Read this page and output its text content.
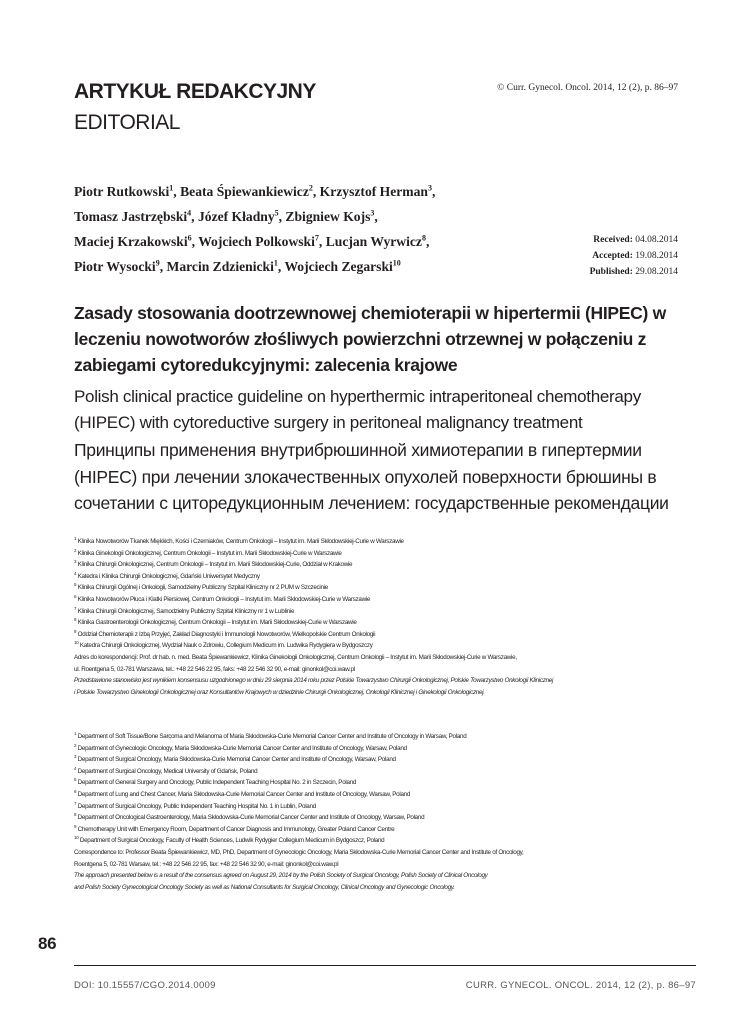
ARTYKUŁ REDAKCYJNY
EDITORIAL
© Curr. Gynecol. Oncol. 2014, 12 (2), p. 86–97
Piotr Rutkowski$^1$, Beata Śpiewankiewicz$^2$, Krzysztof Herman$^3$,
Tomasz Jastrzębski$^4$, Józef Kładny$^5$, Zbigniew Kojs$^3$,
Maciej Krzakowski$^6$, Wojciech Polkowski$^7$, Lucjan Wyrwicz$^8$,
Piotr Wysocki$^9$, Marcin Zdzienicki$^1$, Wojciech Zegarski$^{10}$
Received: 04.08.2014
Accepted: 19.08.2014
Published: 29.08.2014
Zasady stosowania dootrzewnowej chemioterapii w hipertermii (HIPEC) w leczeniu nowotworów złośliwych powierzchni otrzewnej w połączeniu z zabiegami cytoredukcyjnymi: zalecenia krajowe
Polish clinical practice guideline on hyperthermic intraperitoneal chemotherapy (HIPEC) with cytoreductive surgery in peritoneal malignancy treatment
Принципы применения внутрибрюшинной химиотерапии в гипертермии (HIPEC) при лечении злокачественных опухолей поверхности брюшины в сочетании с циторедукционным лечением: государственные рекомендации
$^1$ Klinika Nowotworów Tkanek Miękkich, Kości i Czerniaków, Centrum Onkologii – Instytut im. Marii Skłodowskiej-Curie w Warszawie
$^2$ Klinika Ginekologii Onkologicznej, Centrum Onkologii – Instytut im. Marii Skłodowskiej-Curie w Warszawie
$^3$ Klinika Chirurgii Onkologicznej, Centrum Onkologii – Instytut im. Marii Skłodowskiej-Curie, Oddział w Krakowie
$^4$ Katedra i Klinika Chirurgii Onkologicznej, Gdański Uniwersytet Medyczny
$^5$ Klinika Chirurgii Ogólnej i Onkologii, Samodzielny Publiczny Szpital Kliniczny nr 2 PUM w Szczecinie
$^6$ Klinika Nowotworów Płuca i Klatki Piersiowej, Centrum Onkologii – Instytut im. Marii Skłodowskiej-Curie w Warszawie
$^7$ Klinika Chirurgii Onkologicznej, Samodzielny Publiczny Szpital Kliniczny nr 1 w Lublinie
$^8$ Klinika Gastroenterologii Onkologicznej, Centrum Onkologii – Instytut im. Marii Skłodowskiej-Curie w Warszawie
$^9$ Oddział Chemioterapii z Izbą Przyjęć, Zakład Diagnostyki i Immunologii Nowotworów, Wielkopolskie Centrum Onkologii
$^{10}$ Katedra Chirurgii Onkologicznej, Wydział Nauk o Zdrowiu, Collegium Medicum im. Ludwika Rydygiera w Bydgoszczy
Adres do korespondencji: Prof. dr hab. n. med. Beata Śpiewankiewicz, Klinika Ginekologii Onkologicznej, Centrum Onkologii – Instytut im. Marii Skłodowskiej-Curie w Warszawie,
ul. Roentgena 5, 02-781 Warszawa, tel.: +48 22 546 22 95, faks: +48 22 546 32 90, e-mail: ginonkol@coi.waw.pl
Przedstawione stanowisko jest wynikiem konsensusu uzgodnionego w dniu 29 sierpnia 2014 roku przez Polskie Towarzystwo Chirurgii Onkologicznej, Polskie Towarzystwo Onkologii Klinicznej
i Polskie Towarzystwo Ginekologii Onkologicznej oraz Konsultantów Krajowych w dziedzinie Chirurgii Onkologicznej, Onkologii Klinicznej i Ginekologii Onkologicznej.
$^1$ Department of Soft Tissue/Bone Sarcoma and Melanoma of Maria Skłodowska-Curie Memorial Cancer Center and Institute of Oncology in Warsaw, Poland
$^2$ Department of Gynecologic Oncology, Maria Skłodowska-Curie Memorial Cancer Center and Institute of Oncology, Warsaw, Poland
$^3$ Department of Surgical Oncology, Maria Skłodowska-Curie Memorial Cancer Center and Institute of Oncology, Warsaw, Poland
$^4$ Department of Surgical Oncology, Medical University of Gdańsk, Poland
$^5$ Department of General Surgery and Oncology, Public Independent Teaching Hospital No. 2 in Szczecin, Poland
$^6$ Department of Lung and Chest Cancer, Maria Skłodowska-Curie Memorial Cancer Center and Institute of Oncology, Warsaw, Poland
$^7$ Department of Surgical Oncology, Public Independent Teaching Hospital No. 1 in Lublin, Poland
$^8$ Department of Oncological Gastroenterology, Maria Skłodowska-Curie Memorial Cancer Center and Institute of Oncology, Warsaw, Poland
$^9$ Chemotherapy Unit with Emergency Room, Department of Cancer Diagnosis and Immunology, Greater Poland Cancer Centre
$^{10}$ Department of Surgical Oncology, Faculty of Health Sciences, Ludwik Rydygier Collegium Medicum in Bydgoszcz, Poland
Correspondence to: Professor Beata Śpiewankiewicz, MD, PhD, Department of Gynecologic Oncology, Maria Skłodowska-Curie Memorial Cancer Center and Institute of Oncology,
Roentgena 5, 02-781 Warsaw, tel.: +48 22 546 22 95, fax: +48 22 546 32 90, e-mail: ginonkol@coi.waw.pl
The approach presented below is a result of the consensus agreed on August 29, 2014 by the Polish Society of Surgical Oncology, Polish Society of Clinical Oncology
and Polish Society Gynecological Oncology Society as well as National Consultants for Surgical Oncology, Clinical Oncology and Gynecologic Oncology.
86
DOI: 10.15557/CGO.2014.0009	CURR. GYNECOL. ONCOL. 2014, 12 (2), p. 86–97
